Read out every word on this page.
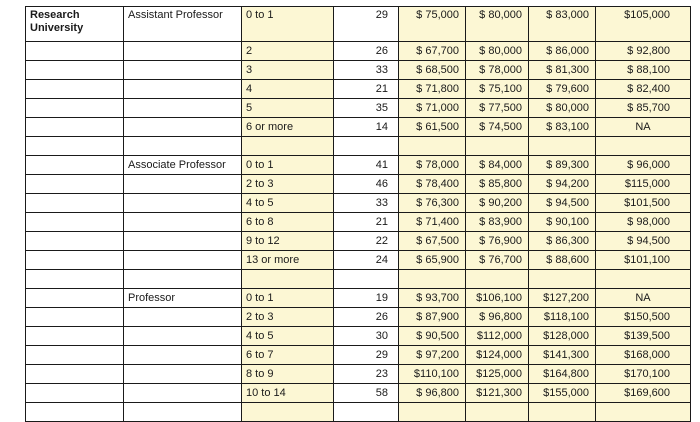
Research University	Assistant Professor	0 to 1	29	$ 75,000	$ 80,000	$ 83,000	$105,000
		2	26	$ 67,700	$ 80,000	$ 86,000	$ 92,800
		3	33	$ 68,500	$ 78,000	$ 81,300	$ 88,100
		4	21	$ 71,800	$ 75,100	$ 79,600	$ 82,400
		5	35	$ 71,000	$ 77,500	$ 80,000	$ 85,700
		6 or more	14	$ 61,500	$ 74,500	$ 83,100	NA

	Associate Professor	0 to 1	41	$ 78,000	$ 84,000	$ 89,300	$ 96,000
		2 to 3	46	$ 78,400	$ 85,800	$ 94,200	$115,000
		4 to 5	33	$ 76,300	$ 90,200	$ 94,500	$101,500
		6 to 8	21	$ 71,400	$ 83,900	$ 90,100	$ 98,000
		9 to 12	22	$ 67,500	$ 76,900	$ 86,300	$ 94,500
		13 or more	24	$ 65,900	$ 76,700	$ 88,600	$101,100

	Professor	0 to 1	19	$ 93,700	$106,100	$127,200	NA
		2 to 3	26	$ 87,900	$ 96,800	$118,100	$150,500
		4 to 5	30	$ 90,500	$112,000	$128,000	$139,500
		6 to 7	29	$ 97,200	$124,000	$141,300	$168,000
		8 to 9	23	$110,100	$125,000	$164,800	$170,100
		10 to 14	58	$ 96,800	$121,300	$155,000	$169,600
